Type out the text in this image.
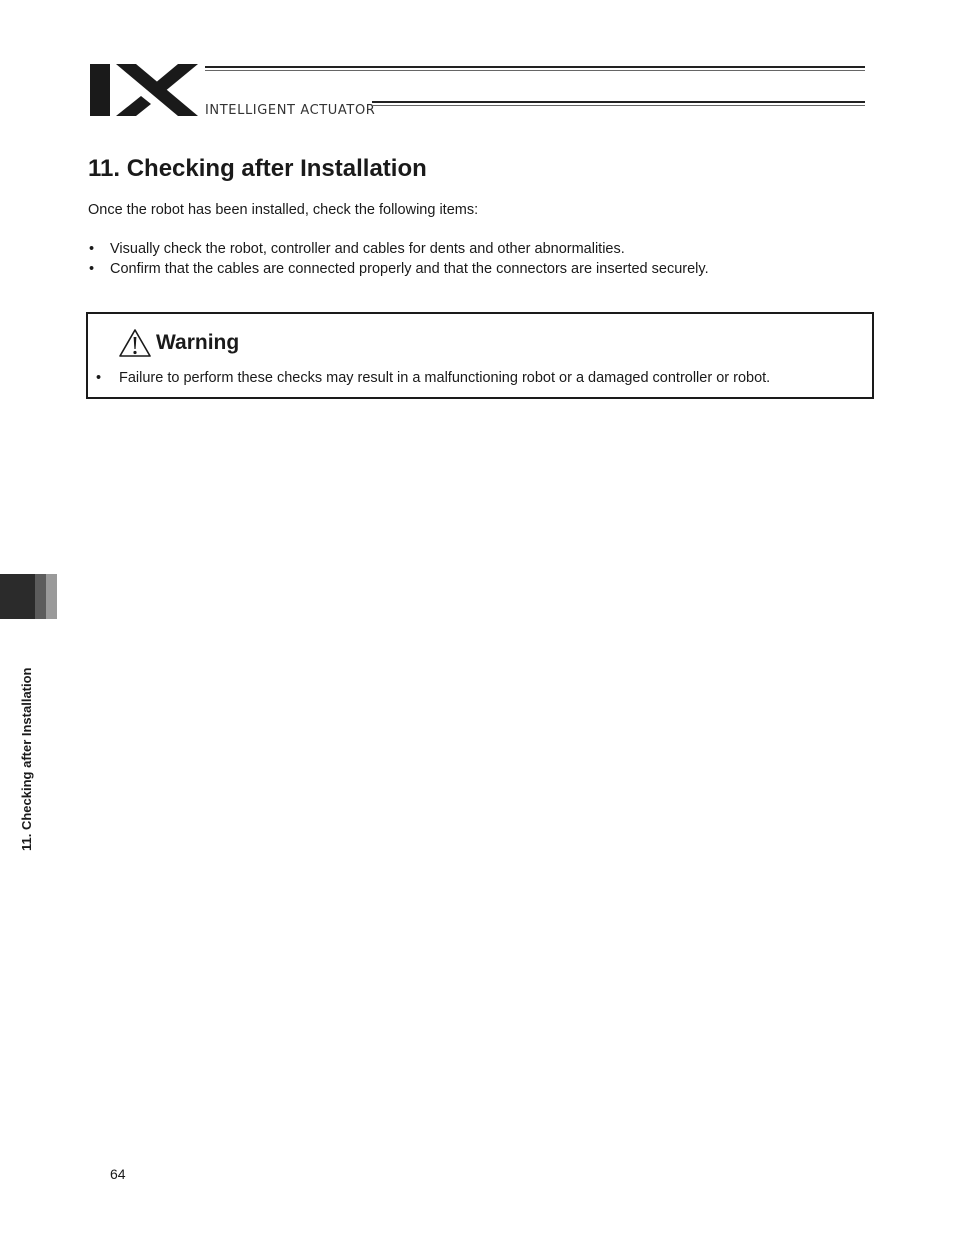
INTELLIGENT ACTUATOR
11. Checking after Installation

Once the robot has been installed, check the following items:

• Visually check the robot, controller and cables for dents and other abnormalities.
• Confirm that the cables are connected properly and that the connectors are inserted securely.
Warning
• Failure to perform these checks may result in a malfunctioning robot or a damaged controller or robot.
11. Checking after Installation
64
